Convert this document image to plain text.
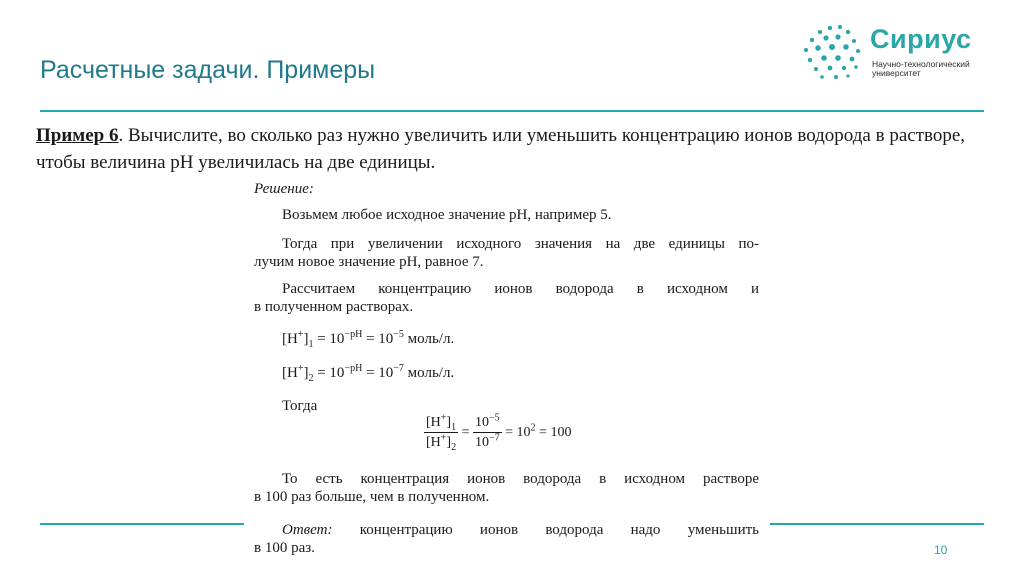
Расчетные задачи. Примеры
Сириус
Научно-технологический университет

Пример 6. Вычислите, во сколько раз нужно увеличить или уменьшить концентрацию ионов водорода в растворе, чтобы величина pH увеличилась на две единицы.

Решение:

Возьмем любое исходное значение pH, например 5.

Тогда при увеличении исходного значения на две единицы по-

лучим новое значение pH, равное 7.

Рассчитаем концентрацию ионов водорода в исходном и

в полученном растворах.

$[H^+]_1 = 10^{-pH} = 10^{-5}$ моль/л.

$[H^+]_2 = 10^{-pH} = 10^{-7}$ моль/л.

Тогда

$\frac{[H^+]_1}{[H^+]_2} = \frac{10^{-5}}{10^{-7}} = 10^2 = 100$

То есть концентрация ионов водорода в исходном растворе

в 100 раз больше, чем в полученном.

Ответ: концентрацию ионов водорода надо уменьшить

в 100 раз.	10
